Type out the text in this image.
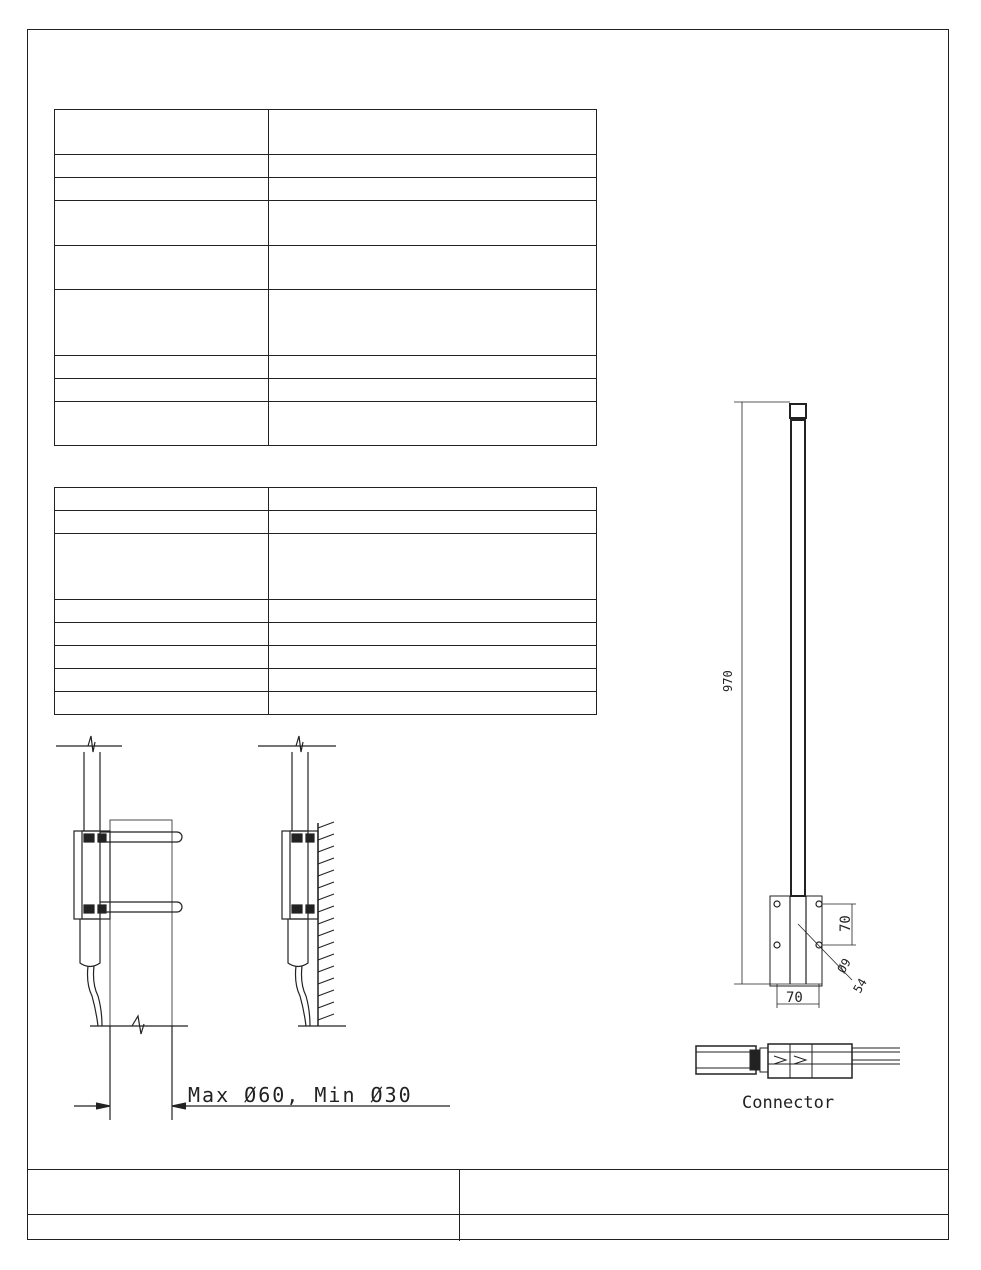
Max Ø60, Min Ø30
970
70
70
Ø9
54
Connector
